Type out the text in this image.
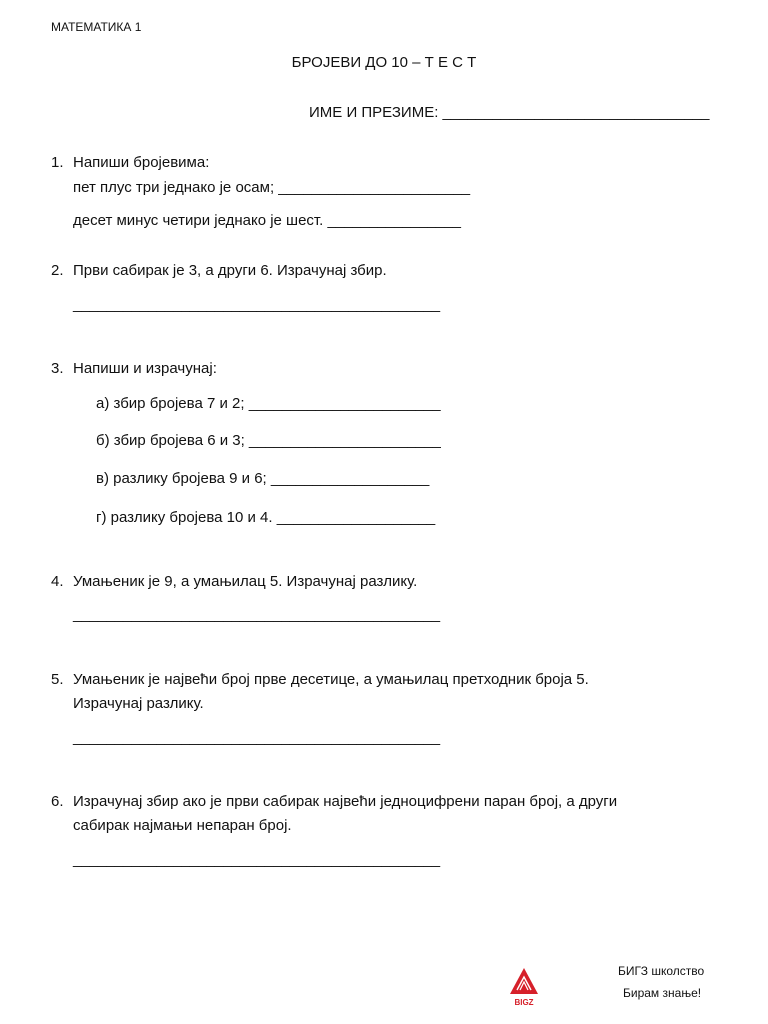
МАТЕМАТИКА 1
БРОЈЕВИ ДО 10 – Т Е С Т
ИМЕ И ПРЕЗИМЕ: ________________________________
1. Напиши бројевима:
пет плус три једнако је осам; _______________________
десет минус четири једнако је шест. ________________
2. Први сабирак је 3, а други 6. Израчунај збир.
____________________________________________
3. Напиши и израчунај:
а) збир бројева 7 и 2; _______________________
б) збир бројева 6 и 3; _______________________
в) разлику бројева 9 и 6; ___________________
г) разлику бројева 10 и 4. ___________________
4. Умањеник је 9, а умањилац 5. Израчунај разлику.
____________________________________________
5. Умањеник је највећи број прве десетице, а умањилац претходник броја 5.
Израчунај разлику.
____________________________________________
6. Израчунај збир ако је први сабирак највећи једноцифрени паран број, а други
сабирак најмањи непаран број.
____________________________________________
BIGZ
БИГЗ школство
Бирам знање!
